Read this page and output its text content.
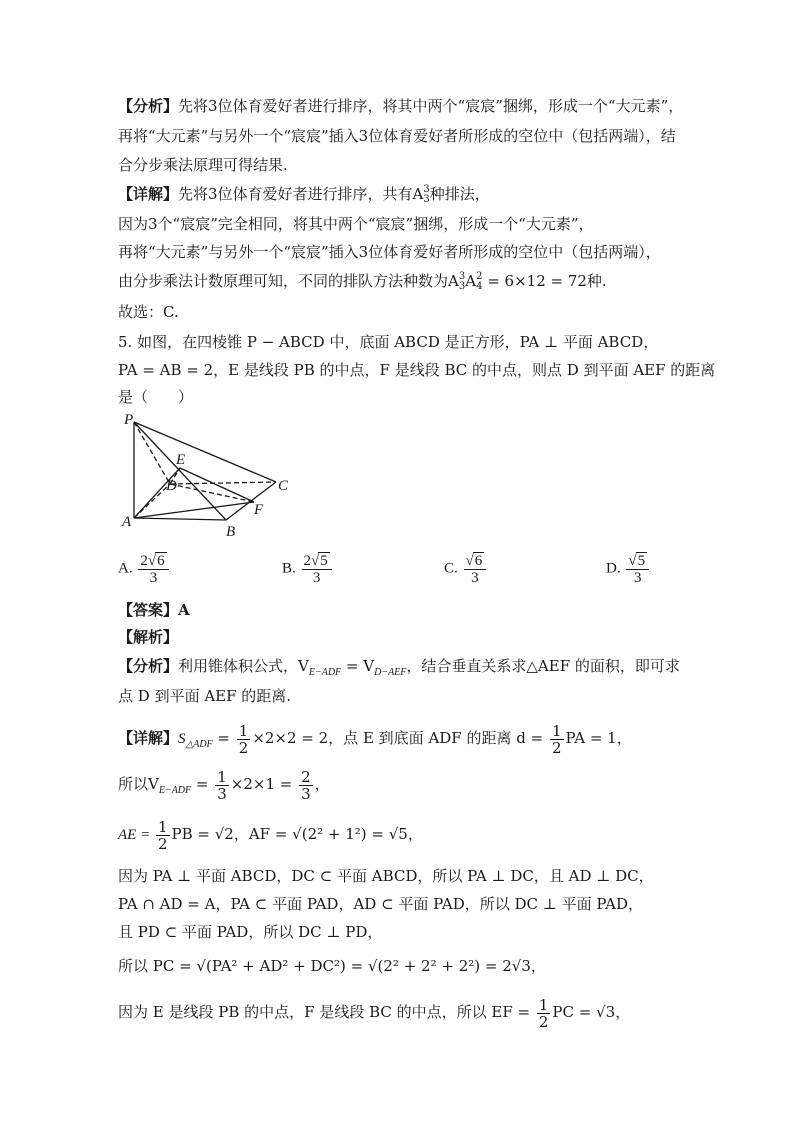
【分析】先将3位体育爱好者进行排序，将其中两个“宸宸”捆绑，形成一个“大元素”，
再将“大元素”与另外一个“宸宸”插入3位体育爱好者所形成的空位中（包括两端），结
合分步乘法原理可得结果.
【详解】先将3位体育爱好者进行排序，共有A 3
3 种排法，
因为3个“宸宸”完全相同，将其中两个“宸宸”捆绑，形成一个“大元素”，
再将“大元素”与另外一个“宸宸”插入3位体育爱好者所形成的空位中（包括两端），
由分步乘法计数原理可知，不同的排队方法种数为A 3
3 A 2
4 = 6×12 = 72种.
故选：C.
5. 如图，在四棱锥 P − ABCD 中，底面 ABCD 是正方形，PA ⊥ 平面 ABCD，
PA = AB = 2，E 是线段 PB 的中点，F 是线段 BC 的中点，则点 D 到平面 AEF 的距离
是（　　）
P
E
D	C
A
F
B
A. $\frac{2√6}{3}$	B. $\frac{2√5}{3}$	C. $\frac{√6}{3}$	D. $\frac{√5}{3}$
【答案】A
【解析】
【分析】利用锥体积公式，$V_{E-ADF} = V_{D-AEF}$，结合垂直关系求△AEF 的面积，即可求
点 D 到平面 AEF 的距离.
【详解】$S_{\triangle ADF} = \frac{1}{2} \times 2\times 2 = 2$，点 E 到底面 ADF 的距离 $d = \frac{1}{2}$ PA = 1，
所以$V_{E-ADF} = \frac{1}{3} \times 2\times 1 = \frac{2}{3}$ ，
AE = $\frac{1}{2}$ PB = √2，AF = √(2² + 1²) = √5，
因为 PA ⊥ 平面 ABCD，DC ⊂ 平面 ABCD，所以 PA ⊥ DC，且 AD ⊥ DC，
PA ∩ AD = A，PA ⊂ 平面 PAD，AD ⊂ 平面 PAD，所以 DC ⊥ 平面 PAD，
且 PD ⊂ 平面 PAD，所以 DC ⊥ PD，
所以 PC = √(PA² + AD² + DC²) = √(2² + 2² + 2²) = 2√3，
因为 E 是线段 PB 的中点，F 是线段 BC 的中点，所以 EF = $\frac{1}{2}$ PC = √3，
